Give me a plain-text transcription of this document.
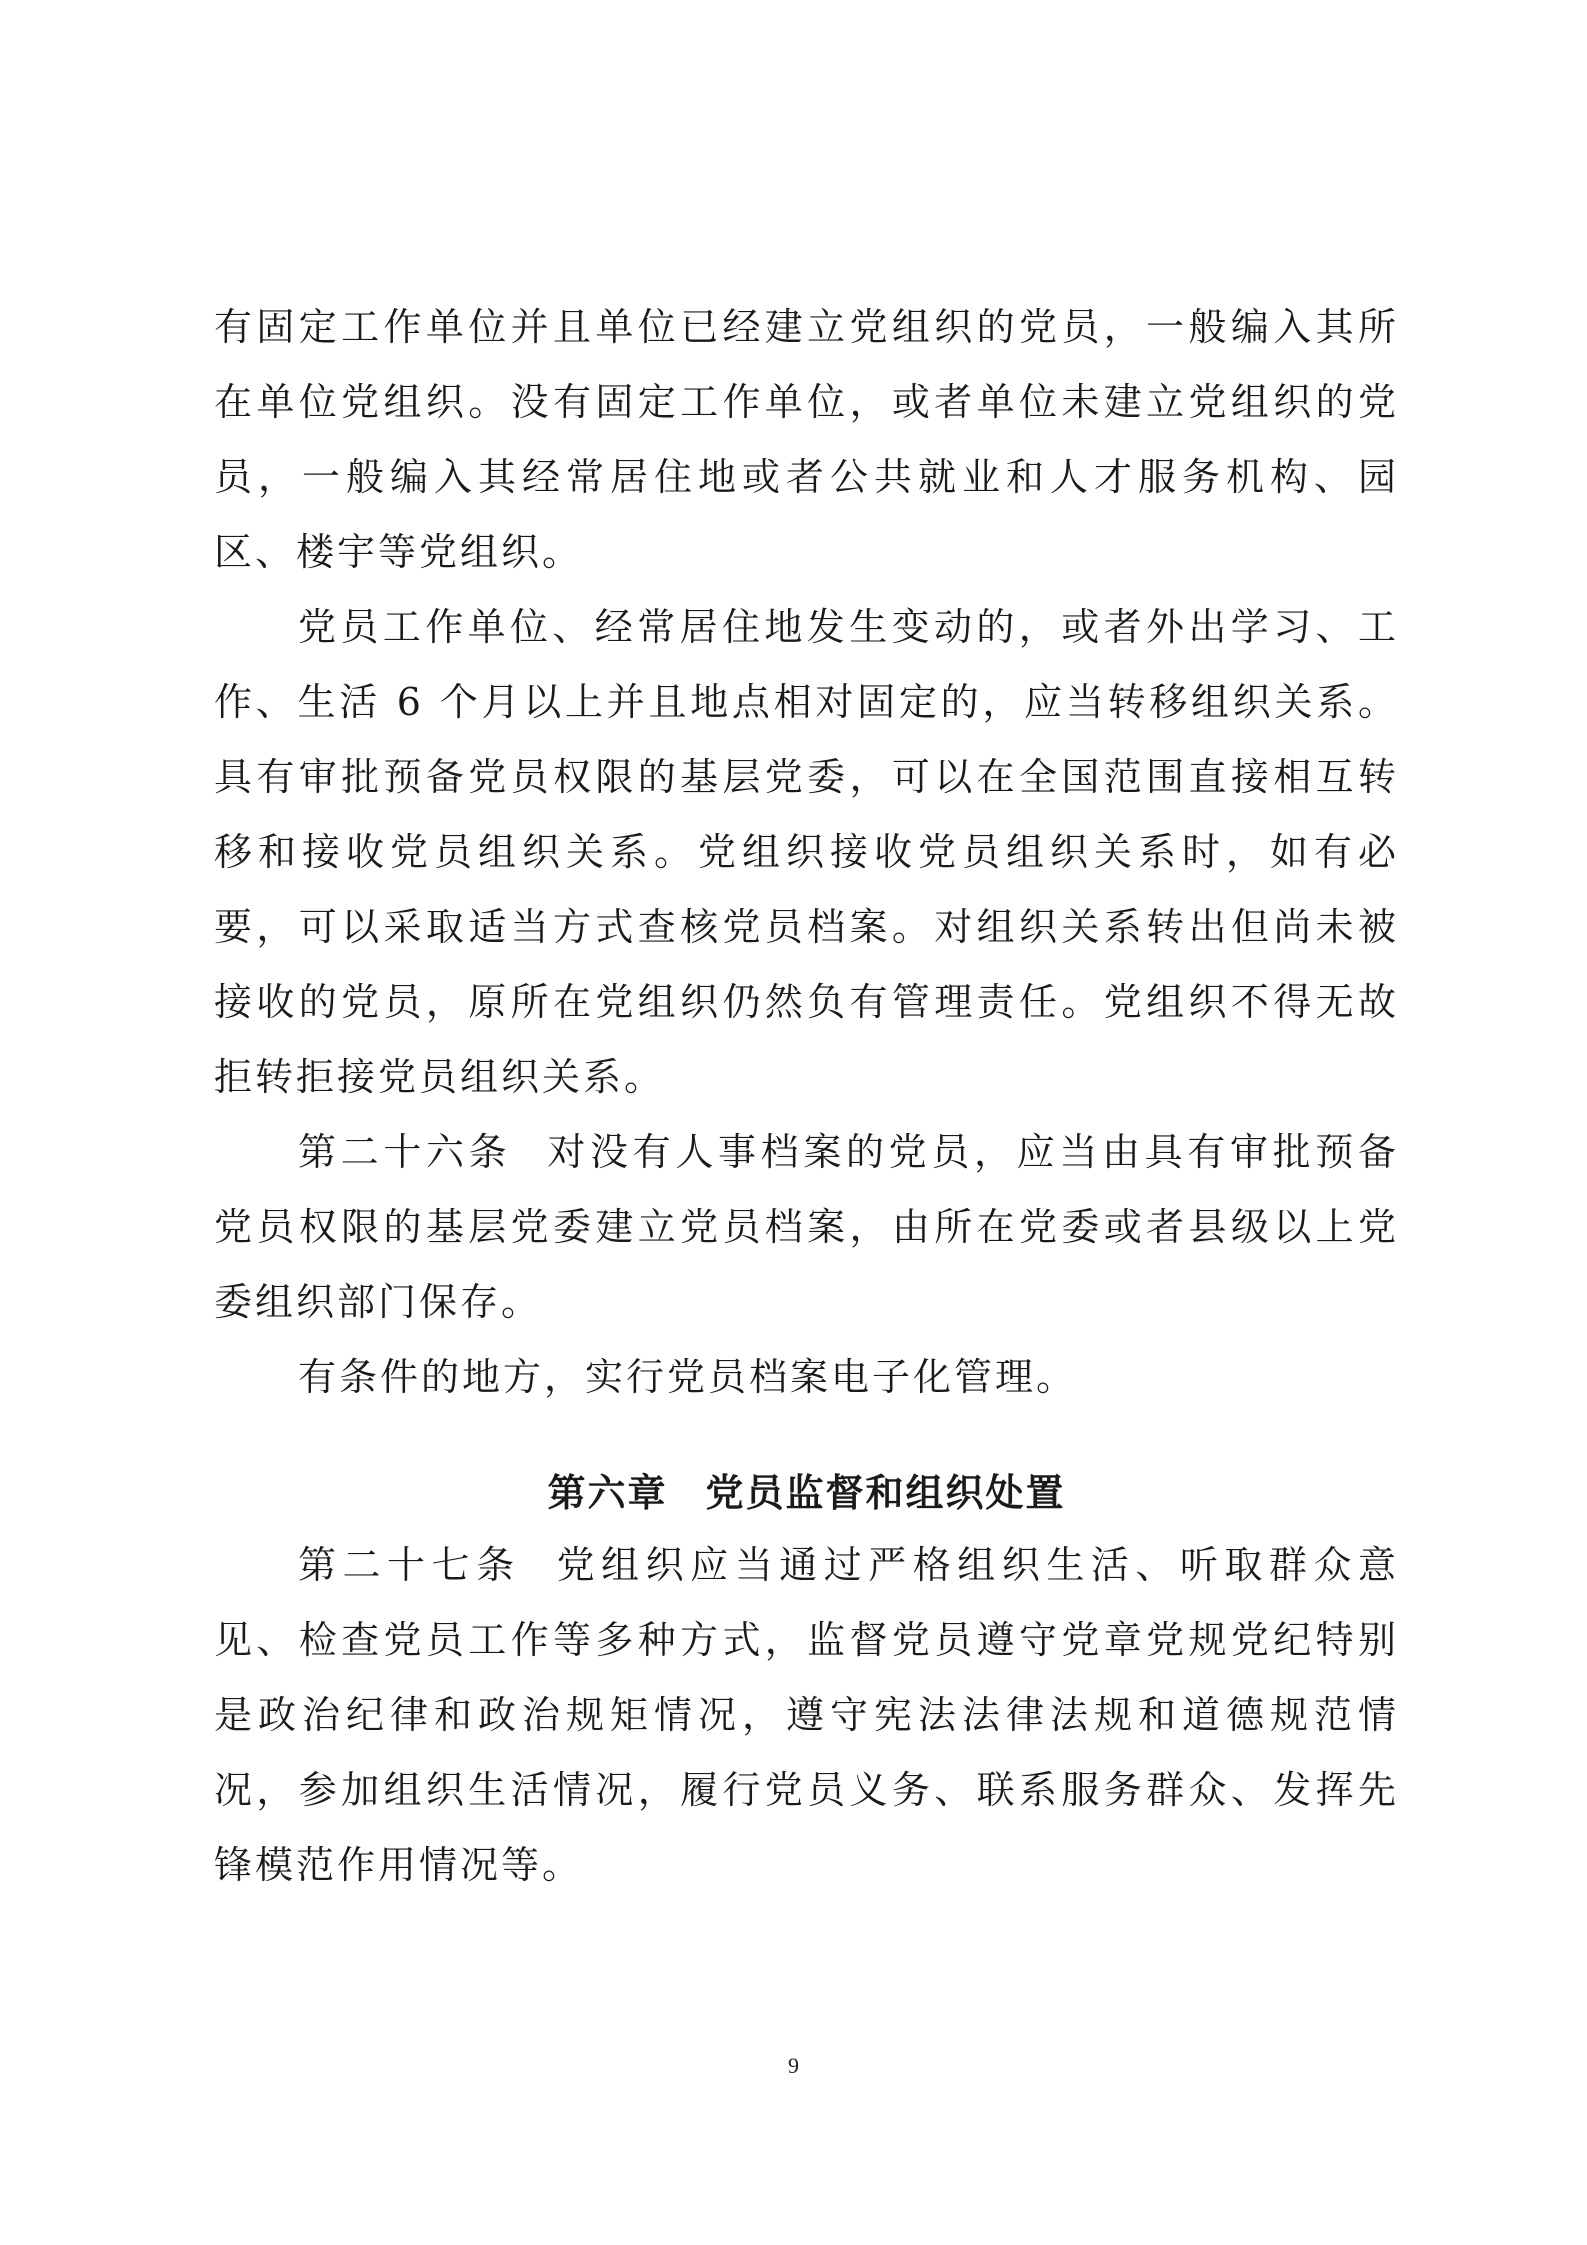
有固定工作单位并且单位已经建立党组织的党员，一般编入其所在单位党组织。没有固定工作单位，或者单位未建立党组织的党员，一般编入其经常居住地或者公共就业和人才服务机构、园区、楼宇等党组织。

党员工作单位、经常居住地发生变动的，或者外出学习、工作、生活 6 个月以上并且地点相对固定的，应当转移组织关系。具有审批预备党员权限的基层党委，可以在全国范围直接相互转移和接收党员组织关系。党组织接收党员组织关系时，如有必要，可以采取适当方式查核党员档案。对组织关系转出但尚未被接收的党员，原所在党组织仍然负有管理责任。党组织不得无故拒转拒接党员组织关系。

第二十六条 对没有人事档案的党员，应当由具有审批预备党员权限的基层党委建立党员档案，由所在党委或者县级以上党委组织部门保存。

有条件的地方，实行党员档案电子化管理。

第六章 党员监督和组织处置

第二十七条 党组织应当通过严格组织生活、听取群众意见、检查党员工作等多种方式，监督党员遵守党章党规党纪特别是政治纪律和政治规矩情况，遵守宪法法律法规和道德规范情况，参加组织生活情况，履行党员义务、联系服务群众、发挥先锋模范作用情况等。

9
